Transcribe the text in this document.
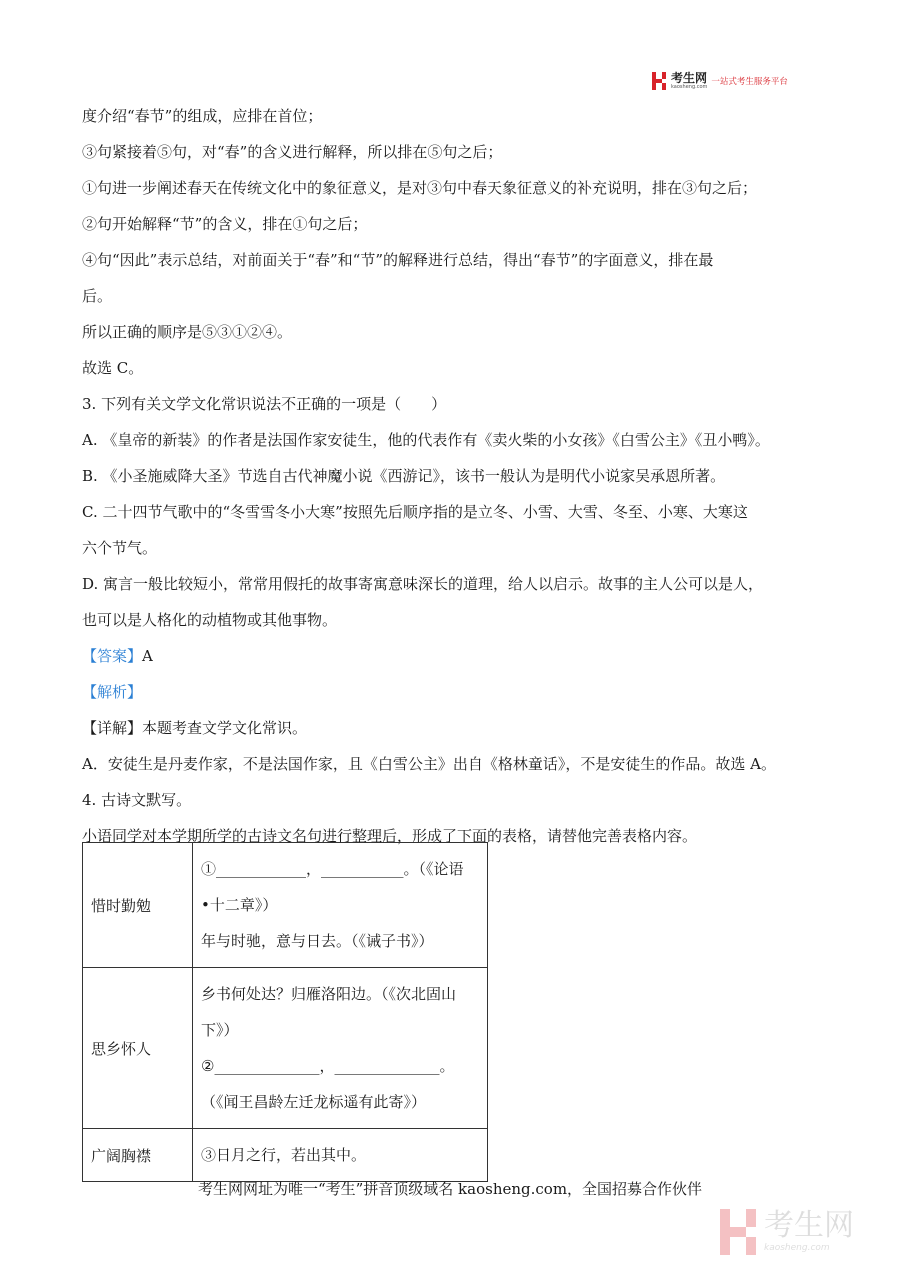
考生网
kaosheng.com 一站式考生服务平台
度介绍“春节”的组成，应排在首位；
③句紧接着⑤句，对“春”的含义进行解释，所以排在⑤句之后；
①句进一步阐述春天在传统文化中的象征意义，是对③句中春天象征意义的补充说明，排在③句之后；
②句开始解释“节”的含义，排在①句之后；
④句“因此”表示总结，对前面关于“春”和“节”的解释进行总结，得出“春节”的字面意义，排在最
后。
所以正确的顺序是⑤③①②④。
故选 C。
3. 下列有关文学文化常识说法不正确的一项是（　　）
A. 《皇帝的新装》的作者是法国作家安徒生，他的代表作有《卖火柴的小女孩》《白雪公主》《丑小鸭》。
B. 《小圣施威降大圣》节选自古代神魔小说《西游记》，该书一般认为是明代小说家吴承恩所著。
C. 二十四节气歌中的“冬雪雪冬小大寒”按照先后顺序指的是立冬、小雪、大雪、冬至、小寒、大寒这
六个节气。
D. 寓言一般比较短小，常常用假托的故事寄寓意味深长的道理，给人以启示。故事的主人公可以是人，
也可以是人格化的动植物或其他事物。
【答案】A
【解析】
【详解】本题考查文学文化常识。
A．安徒生是丹麦作家，不是法国作家，且《白雪公主》出自《格林童话》，不是安徒生的作品。故选 A。
4. 古诗文默写。
小语同学对本学期所学的古诗文名句进行整理后，形成了下面的表格，请替他完善表格内容。
惜时勤勉	①____________，___________。（《论语
•十二章》）
年与时驰，意与日去。（《诫子书》）

思乡怀人	乡书何处达？归雁洛阳边。（《次北固山
下》）
②______________，______________。
（《闻王昌龄左迁龙标遥有此寄》）

广阔胸襟	③日月之行，若出其中。
考生网网址为唯一“考生”拼音顶级域名 kaosheng.com，全国招募合作伙伴
考生网
kaosheng.com
